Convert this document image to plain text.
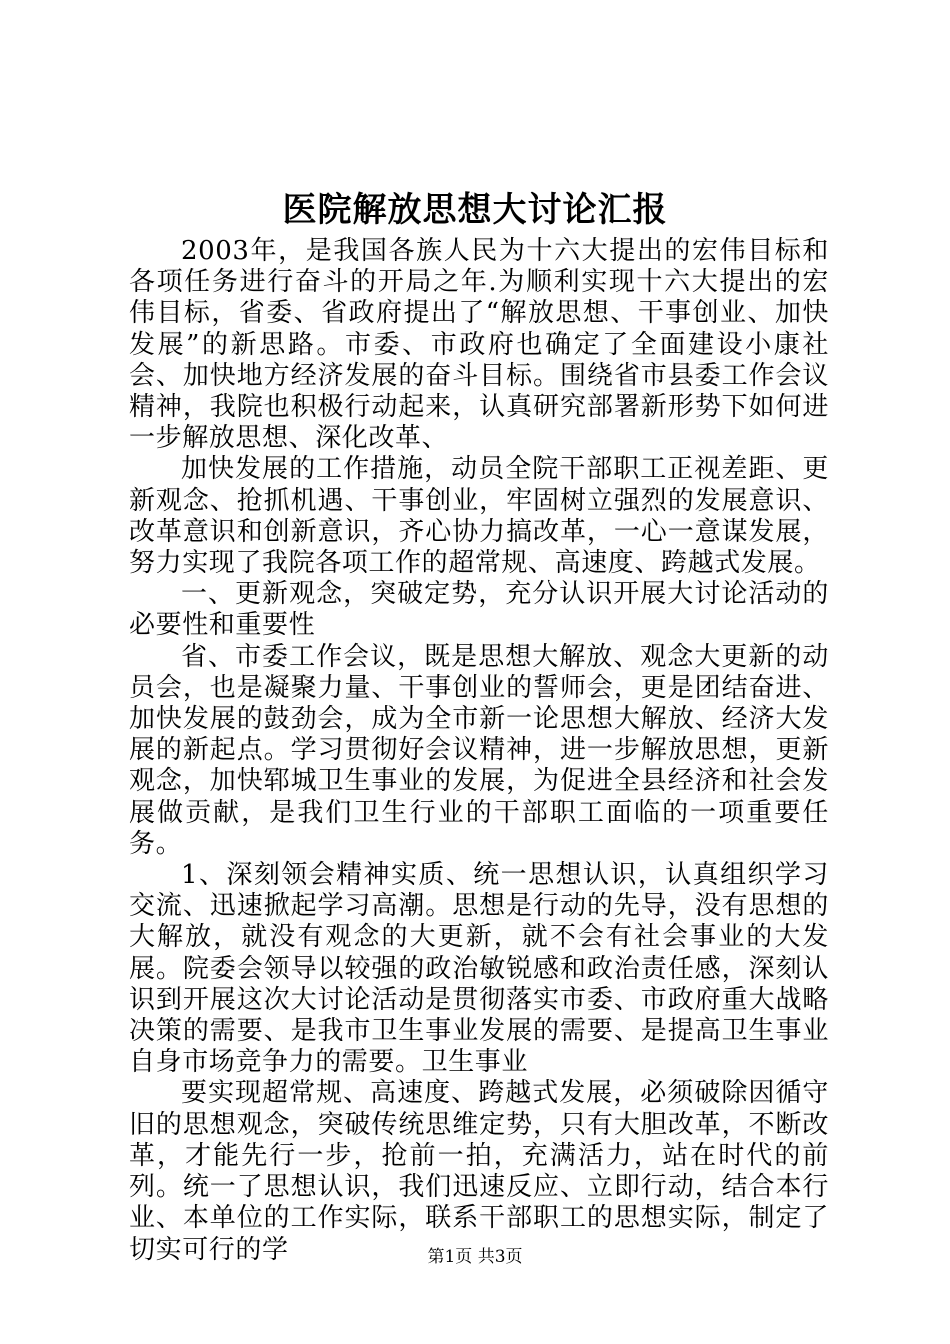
医院解放思想大讨论汇报

2003年，是我国各族人民为十六大提出的宏伟目标和各项任务进行奋斗的开局之年.为顺利实现十六大提出的宏伟目标，省委、省政府提出了“解放思想、干事创业、加快发展”的新思路。市委、市政府也确定了全面建设小康社会、加快地方经济发展的奋斗目标。围绕省市县委工作会议精神，我院也积极行动起来，认真研究部署新形势下如何进一步解放思想、深化改革、

加快发展的工作措施，动员全院干部职工正视差距、更新观念、抢抓机遇、干事创业，牢固树立强烈的发展意识、改革意识和创新意识，齐心协力搞改革，一心一意谋发展，努力实现了我院各项工作的超常规、高速度、跨越式发展。

一、更新观念，突破定势，充分认识开展大讨论活动的必要性和重要性

省、市委工作会议，既是思想大解放、观念大更新的动员会，也是凝聚力量、干事创业的誓师会，更是团结奋进、加快发展的鼓劲会，成为全市新一论思想大解放、经济大发展的新起点。学习贯彻好会议精神，进一步解放思想，更新观念，加快郓城卫生事业的发展，为促进全县经济和社会发展做贡献，是我们卫生行业的干部职工面临的一项重要任务。

1、深刻领会精神实质、统一思想认识，认真组织学习交流、迅速掀起学习高潮。思想是行动的先导，没有思想的大解放，就没有观念的大更新，就不会有社会事业的大发展。院委会领导以较强的政治敏锐感和政治责任感，深刻认识到开展这次大讨论活动是贯彻落实市委、市政府重大战略决策的需要、是我市卫生事业发展的需要、是提高卫生事业自身市场竞争力的需要。卫生事业

要实现超常规、高速度、跨越式发展，必须破除因循守旧的思想观念，突破传统思维定势，只有大胆改革，不断改革，才能先行一步，抢前一拍，充满活力，站在时代的前列。统一了思想认识，我们迅速反应、立即行动，结合本行业、本单位的工作实际，联系干部职工的思想实际，制定了切实可行的学	第1页 共3页
